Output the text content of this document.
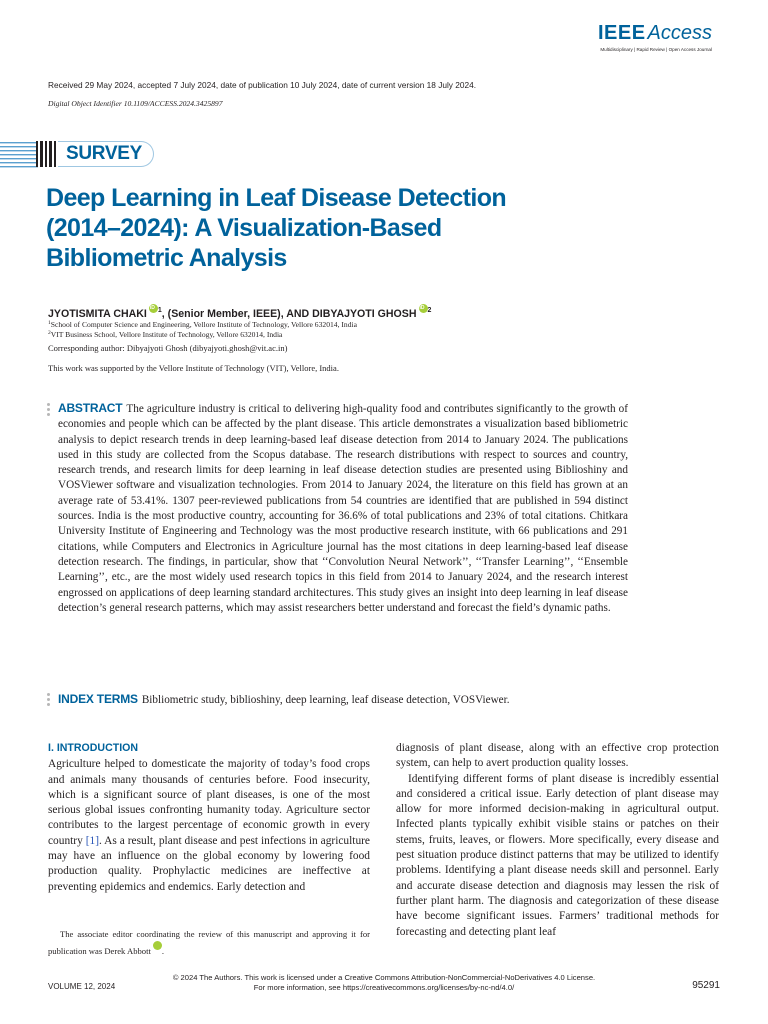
IEEE Access
Multidisciplinary | Rapid Review | Open Access Journal
Received 29 May 2024, accepted 7 July 2024, date of publication 10 July 2024, date of current version 18 July 2024.
Digital Object Identifier 10.1109/ACCESS.2024.3425897
SURVEY
Deep Learning in Leaf Disease Detection (2014–2024): A Visualization-Based Bibliometric Analysis
JYOTISMITA CHAKI iD $^1$, (Senior Member, IEEE), AND DIBYAJYOTI GHOSH iD $^2$
$^1$School of Computer Science and Engineering, Vellore Institute of Technology, Vellore 632014, India
$^2$VIT Business School, Vellore Institute of Technology, Vellore 632014, India
Corresponding author: Dibyajyoti Ghosh (dibyajyoti.ghosh@vit.ac.in)
This work was supported by the Vellore Institute of Technology (VIT), Vellore, India.
ABSTRACT The agriculture industry is critical to delivering high-quality food and contributes significantly to the growth of economies and people which can be affected by the plant disease. This article demonstrates a visualization based bibliometric analysis to depict research trends in deep learning-based leaf disease detection from 2014 to January 2024. The publications used in this study are collected from the Scopus database. The research distributions with respect to sources and country, research trends, and research limits for deep learning in leaf disease detection studies are presented using Biblioshiny and VOSViewer software and visualization technologies. From 2014 to January 2024, the literature on this field has grown at an average rate of 53.41%. 1307 peer-reviewed publications from 54 countries are identified that are published in 594 distinct sources. India is the most productive country, accounting for 36.6% of total publications and 23% of total citations. Chitkara University Institute of Engineering and Technology was the most productive research institute, with 66 publications and 291 citations, while Computers and Electronics in Agriculture journal has the most citations in deep learning-based leaf disease detection research. The findings, in particular, show that ‘‘Convolution Neural Network’’, ‘‘Transfer Learning’’, ‘‘Ensemble Learning’’, etc., are the most widely used research topics in this field from 2014 to January 2024, and the research interest engrossed on applications of deep learning standard architectures. This study gives an insight into deep learning in leaf disease detection’s general research patterns, which may assist researchers better understand and forecast the field’s dynamic paths.
INDEX TERMS Bibliometric study, biblioshiny, deep learning, leaf disease detection, VOSViewer.
I. INTRODUCTION

Agriculture helped to domesticate the majority of today’s food crops and animals many thousands of centuries before. Food insecurity, which is a significant source of plant diseases, is one of the most serious global issues confronting humanity today. Agriculture sector contributes to the largest percentage of economic growth in every country [1]. As a result, plant disease and pest infections in agriculture may have an influence on the global economy by lowering food production quality. Prophylactic medicines are ineffective at preventing epidemics and endemics. Early detection and

The associate editor coordinating the review of this manuscript and approving it for publication was Derek AbbottiD .

diagnosis of plant disease, along with an effective crop protection system, can help to avert production quality losses.

Identifying different forms of plant disease is incredibly essential and considered a critical issue. Early detection of plant disease may allow for more informed decision-making in agricultural output. Infected plants typically exhibit visible stains or patches on their stems, fruits, leaves, or flowers. More specifically, every disease and pest situation produce distinct patterns that may be utilized to identify problems. Identifying a plant disease needs skill and personnel. Early and accurate disease detection and diagnosis may lessen the risk of further plant harm. The diagnosis and categorization of these disease have become significant issues. Farmers’ traditional methods for forecasting and detecting plant leaf

© 2024 The Authors. This work is licensed under a Creative Commons Attribution-NonCommercial-NoDerivatives 4.0 License.
For more information, see https://creativecommons.org/licenses/by-nc-nd/4.0/
VOLUME 12, 2024	95291
